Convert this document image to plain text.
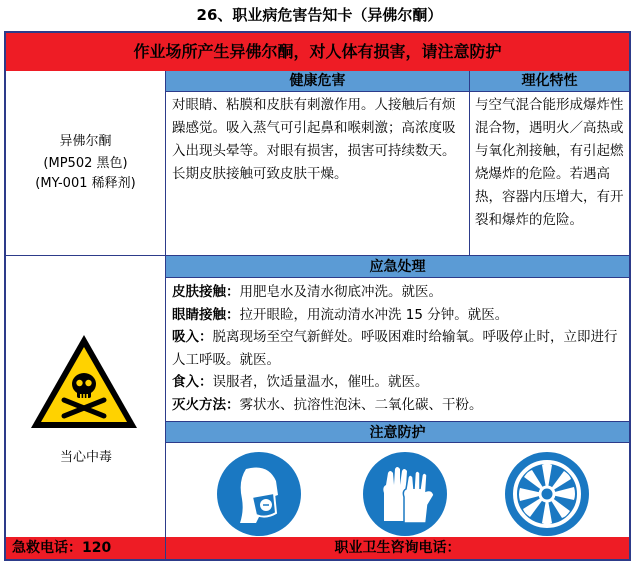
26、职业病危害告知卡（异佛尔酮）
作业场所产生异佛尔酮，对人体有损害，请注意防护
异佛尔酮
(MP502 黑色)
(MY-001 稀释剂)
健康危害	理化特性
对眼睛、粘膜和皮肤有刺激作用。人接触后有烦躁感觉。吸入蒸气可引起鼻和喉刺激；高浓度吸入出现头晕等。对眼有损害，损害可持续数天。长期皮肤接触可致皮肤干燥。
与空气混合能形成爆炸性混合物，遇明火／高热或与氧化剂接触，有引起燃烧爆炸的危险。若遇高热，容器内压增大，有开裂和爆炸的危险。
当心中毒
应急处理
皮肤接触：用肥皂水及清水彻底冲洗。就医。
眼睛接触：拉开眼睑，用流动清水冲洗 15 分钟。就医。
吸入：脱离现场至空气新鲜处。呼吸困难时给输氧。呼吸停止时，立即进行人工呼吸。就医。
食入：误服者，饮适量温水，催吐。就医。
灭火方法：雾状水、抗溶性泡沫、二氧化碳、干粉。
注意防护
急救电话：120	职业卫生咨询电话：
